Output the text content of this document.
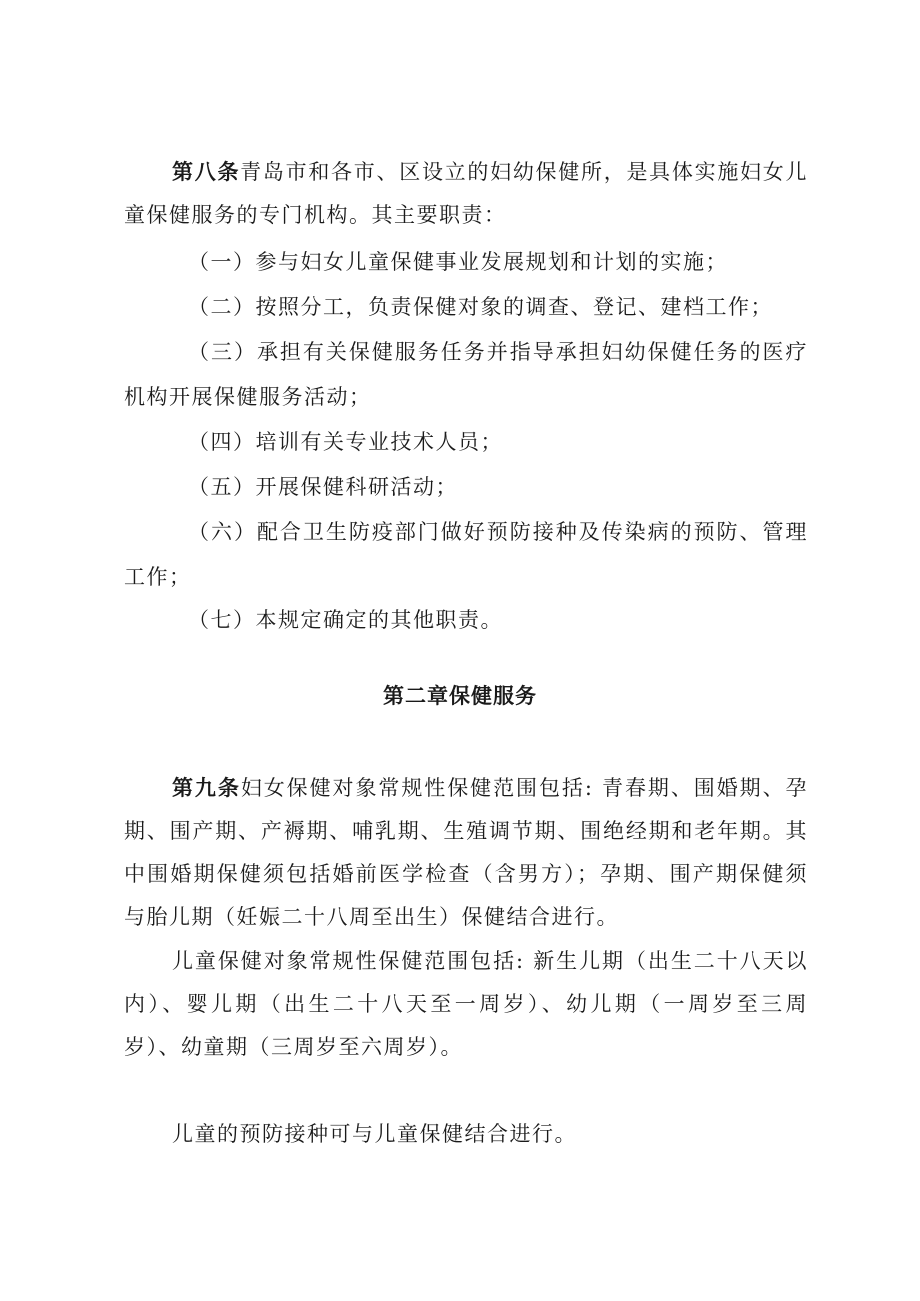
第八条青岛市和各市、区设立的妇幼保健所，是具体实施妇女儿童保健服务的专门机构。其主要职责：

（一）参与妇女儿童保健事业发展规划和计划的实施；

（二）按照分工，负责保健对象的调查、登记、建档工作；

（三）承担有关保健服务任务并指导承担妇幼保健任务的医疗机构开展保健服务活动；

（四）培训有关专业技术人员；

（五）开展保健科研活动；

（六）配合卫生防疫部门做好预防接种及传染病的预防、管理工作；

（七）本规定确定的其他职责。

第二章保健服务

第九条妇女保健对象常规性保健范围包括: 青春期、围婚期、孕期、围产期、产褥期、哺乳期、生殖调节期、围绝经期和老年期。其中围婚期保健须包括婚前医学检查（含男方）；孕期、围产期保健须与胎儿期（妊娠二十八周至出生）保健结合进行。

儿童保健对象常规性保健范围包括: 新生儿期（出生二十八天以内）、婴儿期（出生二十八天至一周岁）、幼儿期（一周岁至三周岁）、幼童期（三周岁至六周岁）。

儿童的预防接种可与儿童保健结合进行。
